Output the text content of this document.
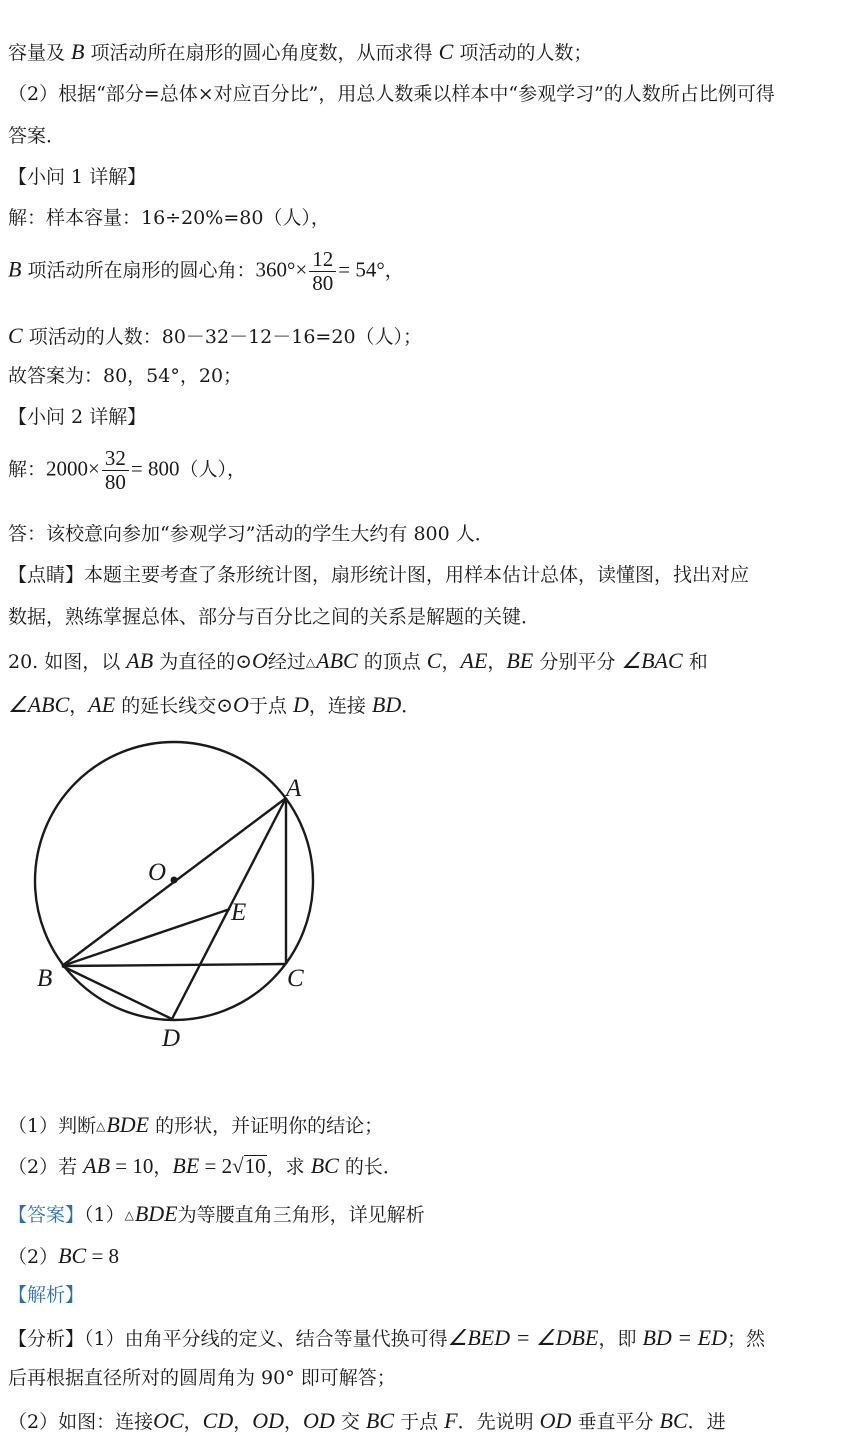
容量及 B 项活动所在扇形的圆心角度数，从而求得 C 项活动的人数；
（2）根据“部分=总体×对应百分比”，用总人数乘以样本中“参观学习”的人数所占比例可得
答案．
【小问 1 详解】
解：样本容量：16÷20%=80（人），
B 项活动所在扇形的圆心角：$360^\circ\times \frac{12}{80} = 54^\circ$，
C 项活动的人数：80－32－12－16=20（人）；
故答案为：80，54°，20；
【小问 2 详解】
解：$2000\times \frac{32}{80} = 800$（人），
答：该校意向参加“参观学习”活动的学生大约有 800 人．
【点睛】本题主要考查了条形统计图，扇形统计图，用样本估计总体，读懂图，找出对应
数据，熟练掌握总体、部分与百分比之间的关系是解题的关键．
20. 如图，以 AB 为直径的⊙O经过△ABC 的顶点 C，AE，BE 分别平分 ∠BAC 和
∠ABC，AE 的延长线交⊙O于点 D，连接 BD．
A
O
E
B	C
D
（1）判断△BDE 的形状，并证明你的结论；
（2）若 AB = 10，BE = 2√10，求 BC 的长．
【答案】（1）△BDE为等腰直角三角形，详见解析
（2）BC = 8
【解析】
【分析】（1）由角平分线的定义、结合等量代换可得∠BED = ∠DBE，即 BD = ED；然
后再根据直径所对的圆周角为 90° 即可解答；
（2）如图：连接OC，CD，OD，OD 交 BC 于点 F．先说明 OD 垂直平分 BC．进
